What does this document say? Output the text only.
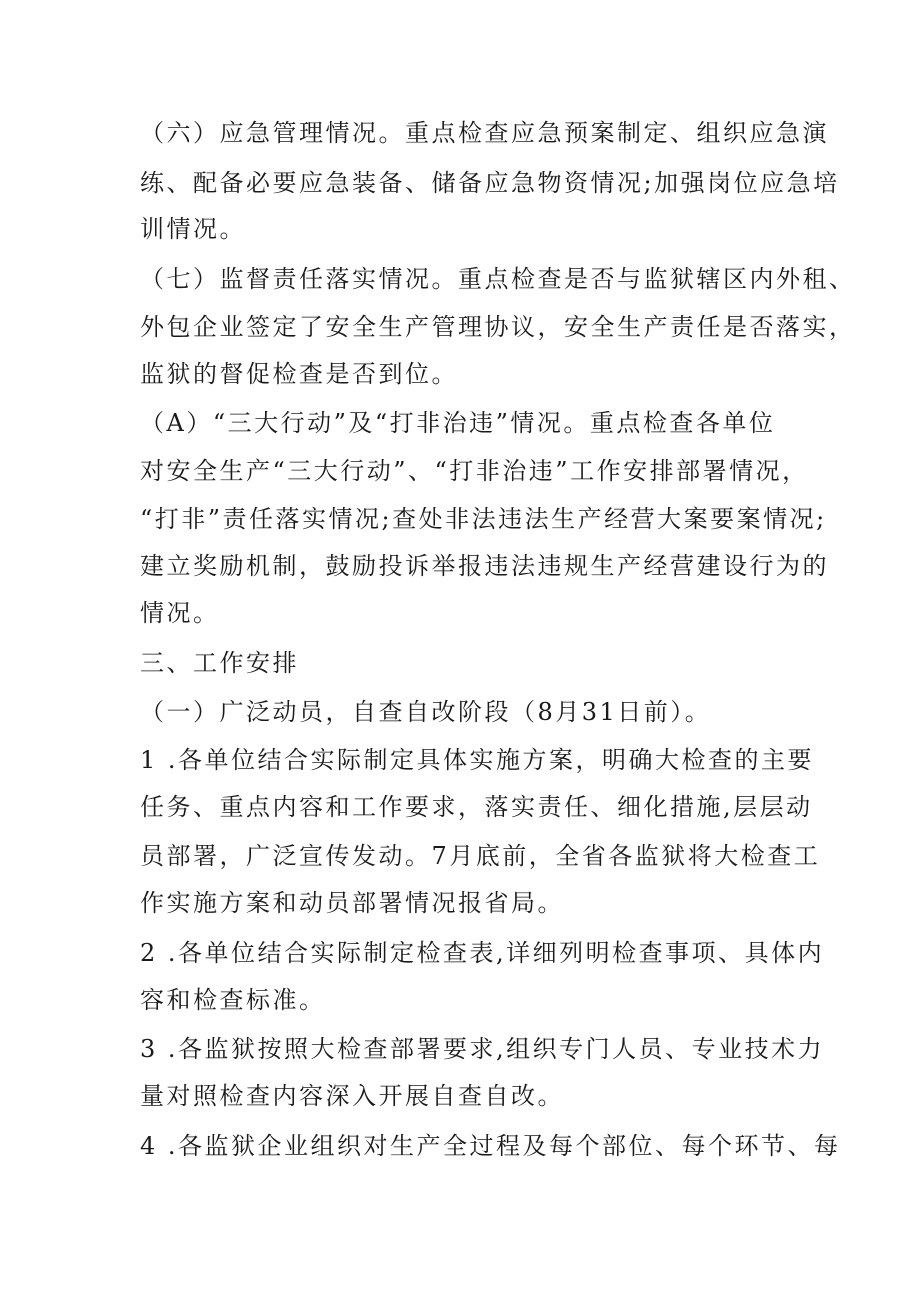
（六）应急管理情况。重点检查应急预案制定、组织应急演
练、配备必要应急装备、储备应急物资情况;加强岗位应急培
训情况。
（七）监督责任落实情况。重点检查是否与监狱辖区内外租、
外包企业签定了安全生产管理协议，安全生产责任是否落实，
监狱的督促检查是否到位。
（A）“三大行动”及“打非治违”情况。重点检查各单位
对安全生产“三大行动”、“打非治违”工作安排部署情况，
“打非”责任落实情况;查处非法违法生产经营大案要案情况;
建立奖励机制，鼓励投诉举报违法违规生产经营建设行为的
情况。
三、工作安排
（一）广泛动员，自查自改阶段（8月31日前）。
1 .各单位结合实际制定具体实施方案，明确大检查的主要
任务、重点内容和工作要求，落实责任、细化措施,层层动
员部署，广泛宣传发动。7月底前，全省各监狱将大检查工
作实施方案和动员部署情况报省局。
2 .各单位结合实际制定检查表,详细列明检查事项、具体内
容和检查标准。
3 .各监狱按照大检查部署要求,组织专门人员、专业技术力
量对照检查内容深入开展自查自改。
4 .各监狱企业组织对生产全过程及每个部位、每个环节、每
